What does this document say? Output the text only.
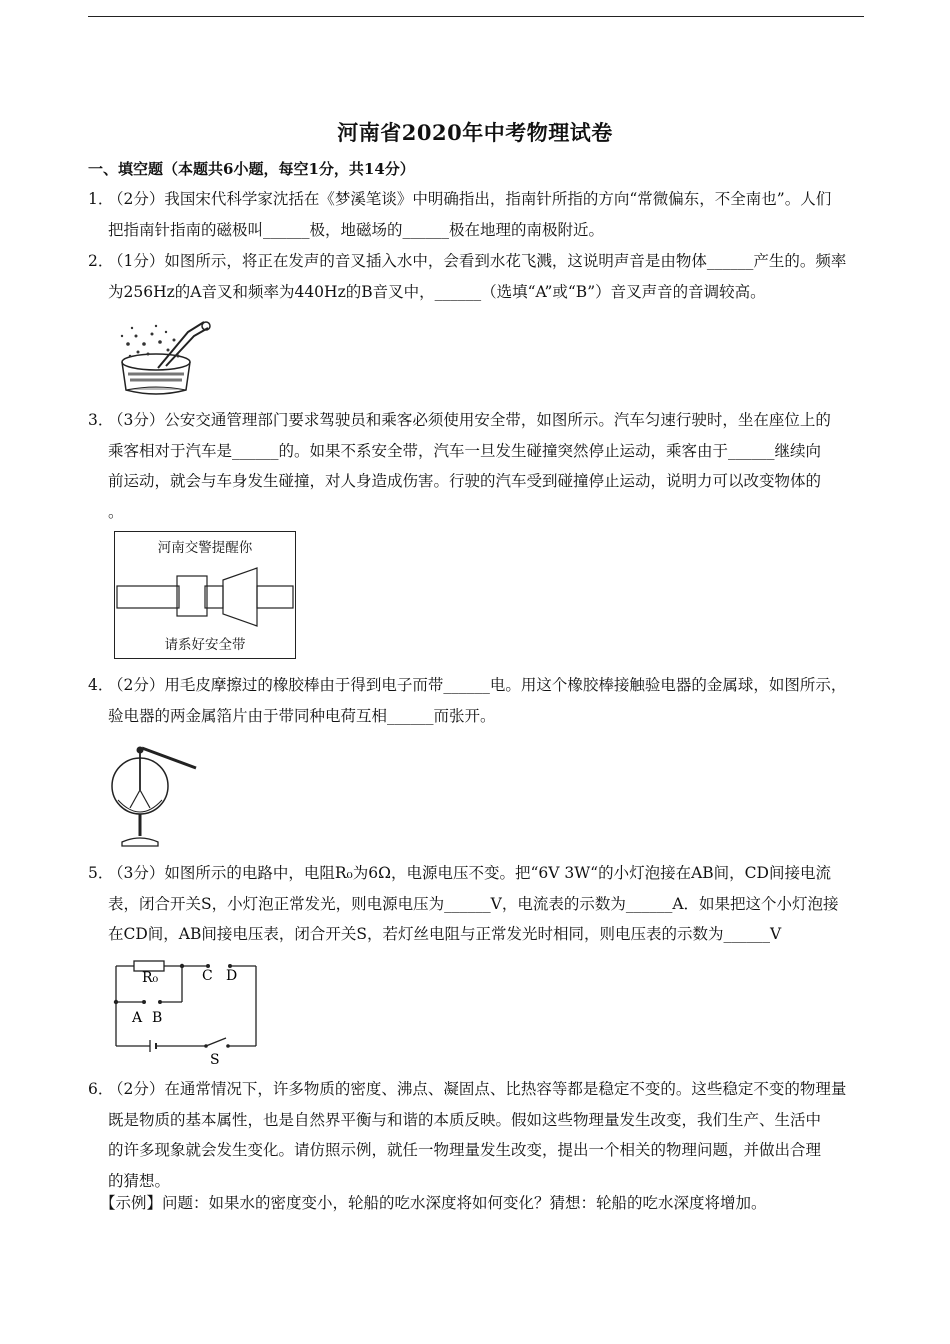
河南省2020年中考物理试卷
一、填空题（本题共6小题，每空1分，共14分）
1．
（2分）我国宋代科学家沈括在《梦溪笔谈》中明确指出，指南针所指的方向“常微偏东，不全南也”。人们
把指南针指南的磁极叫______极，地磁场的______极在地理的南极附近。
2．
（1分）如图所示，将正在发声的音叉插入水中，会看到水花飞溅，这说明声音是由物体______产生的。频率
为256Hz的A音叉和频率为440Hz的B音叉中，______（选填“A”或“B”）音叉声音的音调较高。
3．
（3分）公安交通管理部门要求驾驶员和乘客必须使用安全带，如图所示。汽车匀速行驶时，坐在座位上的
乘客相对于汽车是______的。如果不系安全带，汽车一旦发生碰撞突然停止运动，乘客由于______继续向
前运动，就会与车身发生碰撞，对人身造成伤害。行驶的汽车受到碰撞停止运动，说明力可以改变物体的
。
河南交警提醒你
请系好安全带
4．
（2分）用毛皮摩擦过的橡胶棒由于得到电子而带______电。用这个橡胶棒接触验电器的金属球，如图所示，
验电器的两金属箔片由于带同种电荷互相______而张开。
5．
（3分）如图所示的电路中，电阻R₀为6Ω，电源电压不变。把“6V 3W“的小灯泡接在AB间，CD间接电流
表，闭合开关S，小灯泡正常发光，则电源电压为______V，电流表的示数为______A．如果把这个小灯泡接
在CD间，AB间接电压表，闭合开关S，若灯丝电阻与正常发光时相同，则电压表的示数为______V
R₀	C D
A B
S
6．
（2分）在通常情况下，许多物质的密度、沸点、凝固点、比热容等都是稳定不变的。这些稳定不变的物理量
既是物质的基本属性，也是自然界平衡与和谐的本质反映。假如这些物理量发生改变，我们生产、生活中
的许多现象就会发生变化。请仿照示例，就任一物理量发生改变，提出一个相关的物理问题，并做出合理
的猜想。
【示例】问题：如果水的密度变小，轮船的吃水深度将如何变化？猜想：轮船的吃水深度将增加。
